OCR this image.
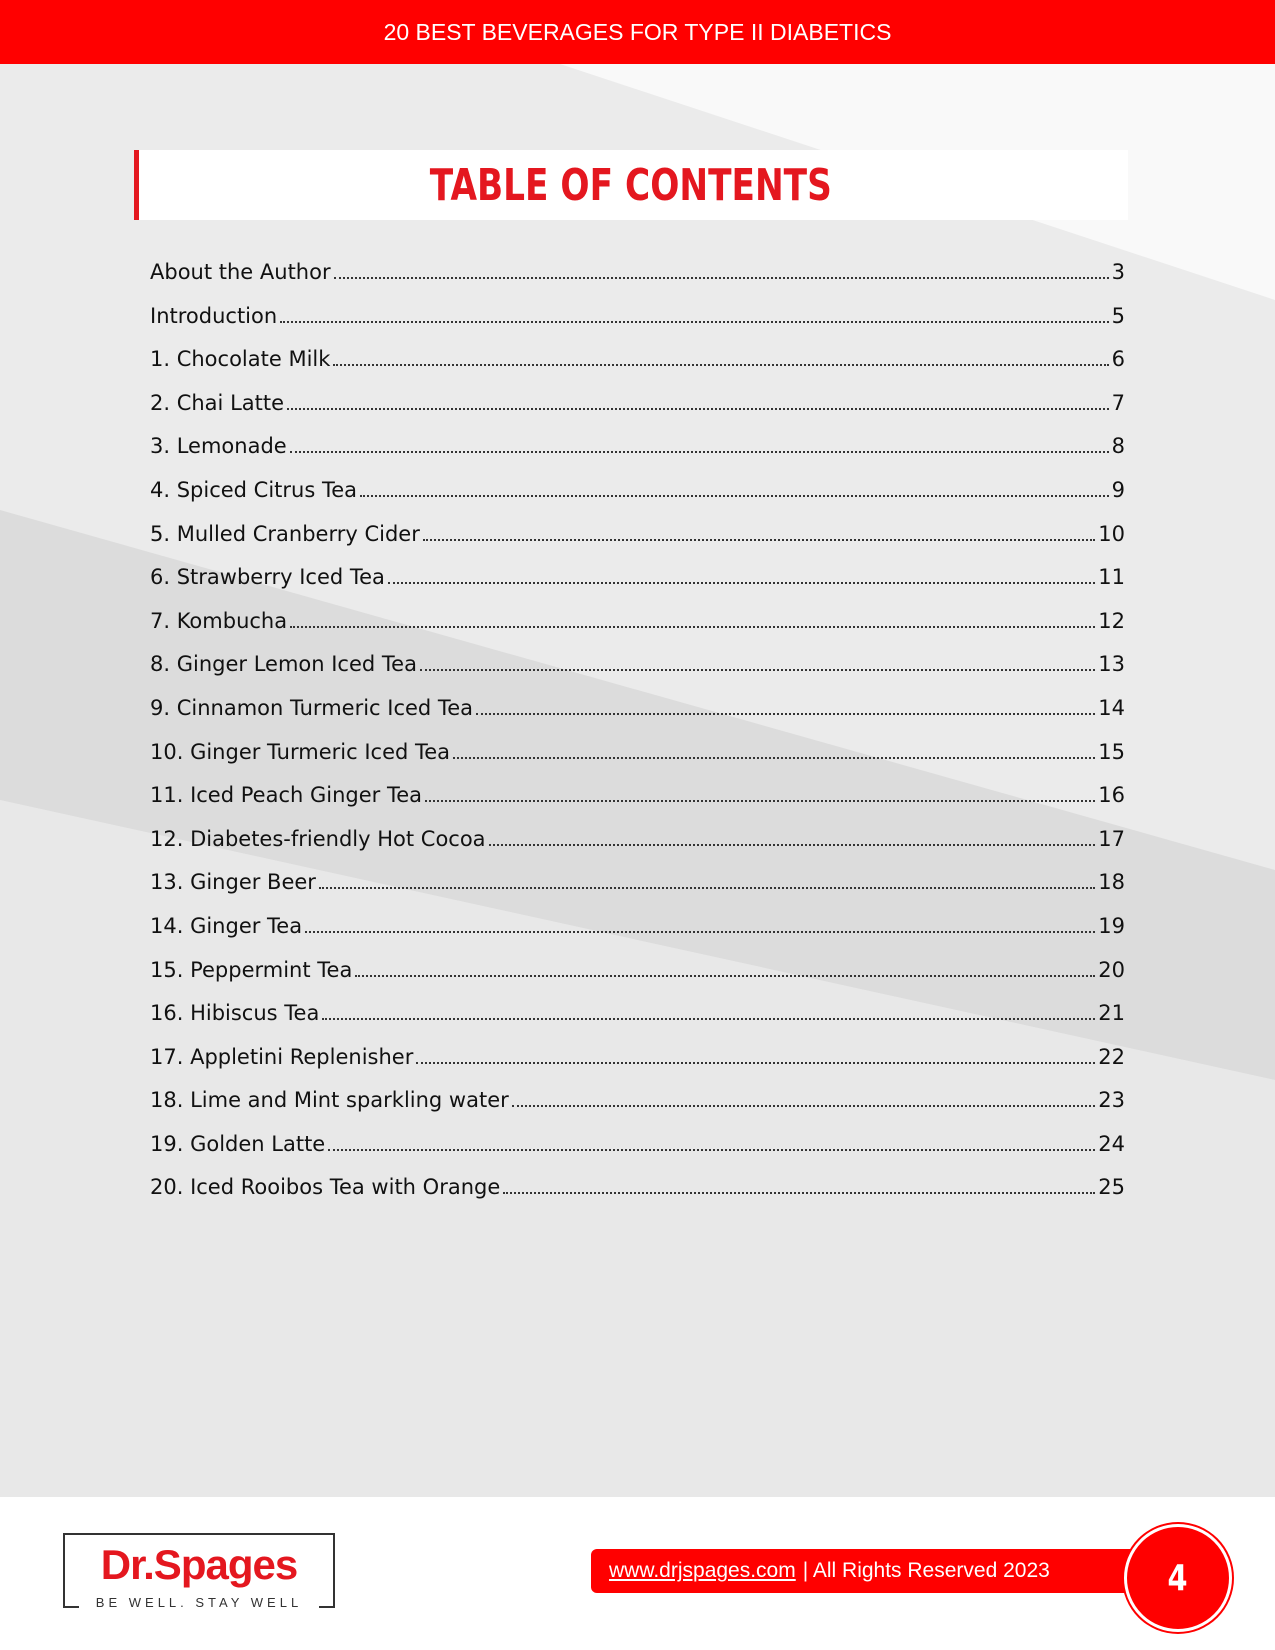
20 BEST BEVERAGES FOR TYPE II DIABETICS
TABLE OF CONTENTS
About the Author	3
Introduction	5
1. Chocolate Milk	6
2. Chai Latte	7
3. Lemonade	8
4. Spiced Citrus Tea	9
5. Mulled Cranberry Cider	10
6. Strawberry Iced Tea	11
7. Kombucha	12
8. Ginger Lemon Iced Tea	13
9. Cinnamon Turmeric Iced Tea	14
10. Ginger Turmeric Iced Tea	15
11. Iced Peach Ginger Tea	16
12. Diabetes-friendly Hot Cocoa	17
13. Ginger Beer	18
14. Ginger Tea	19
15. Peppermint Tea	20
16. Hibiscus Tea	21
17. Appletini Replenisher	22
18. Lime and Mint sparkling water	23
19. Golden Latte	24
20. Iced Rooibos Tea with Orange	25
Dr.Spages
BE WELL. STAY WELL
www.drjspages.com | All Rights Reserved 2023	4
